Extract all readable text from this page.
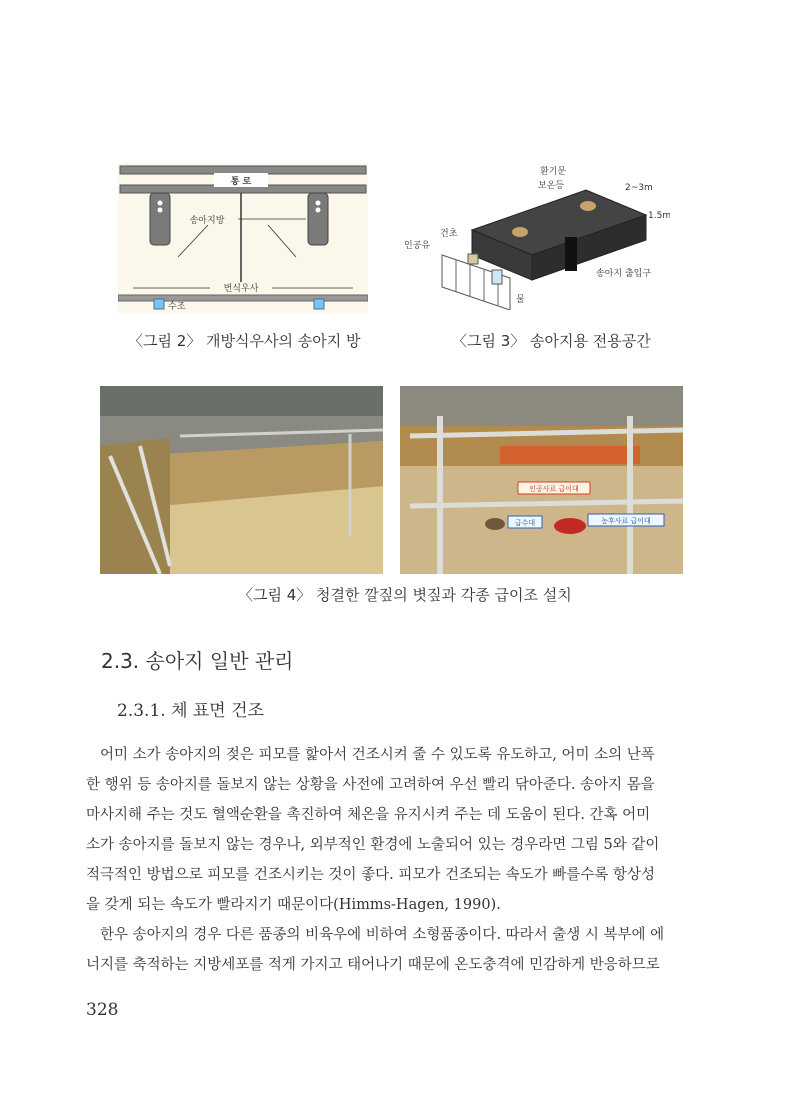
통 로
송아지방
번식우사
수조
〈그림 2〉 개방식우사의 송아지 방
환기문
보온등	2~3m
1.5m
건초
인공유
송아지 출입구
물
〈그림 3〉 송아지용 전용공간
인공사료 급이대
급수대	농후사료 급이대
〈그림 4〉 청결한 깔짚의 볏짚과 각종 급이조 설치
2.3. 송아지 일반 관리
2.3.1. 체 표면 건조
어미 소가 송아지의 젖은 피모를 핥아서 건조시켜 줄 수 있도록 유도하고, 어미 소의 난폭
한 행위 등 송아지를 돌보지 않는 상황을 사전에 고려하여 우선 빨리 닦아준다. 송아지 몸을
마사지해 주는 것도 혈액순환을 촉진하여 체온을 유지시켜 주는 데 도움이 된다. 간혹 어미
소가 송아지를 돌보지 않는 경우나, 외부적인 환경에 노출되어 있는 경우라면 그림 5와 같이
적극적인 방법으로 피모를 건조시키는 것이 좋다. 피모가 건조되는 속도가 빠를수록 항상성
을 갖게 되는 속도가 빨라지기 때문이다(Himms-Hagen, 1990).
한우 송아지의 경우 다른 품종의 비육우에 비하여 소형품종이다. 따라서 출생 시 복부에 에
너지를 축적하는 지방세포를 적게 가지고 태어나기 때문에 온도충격에 민감하게 반응하므로
328
